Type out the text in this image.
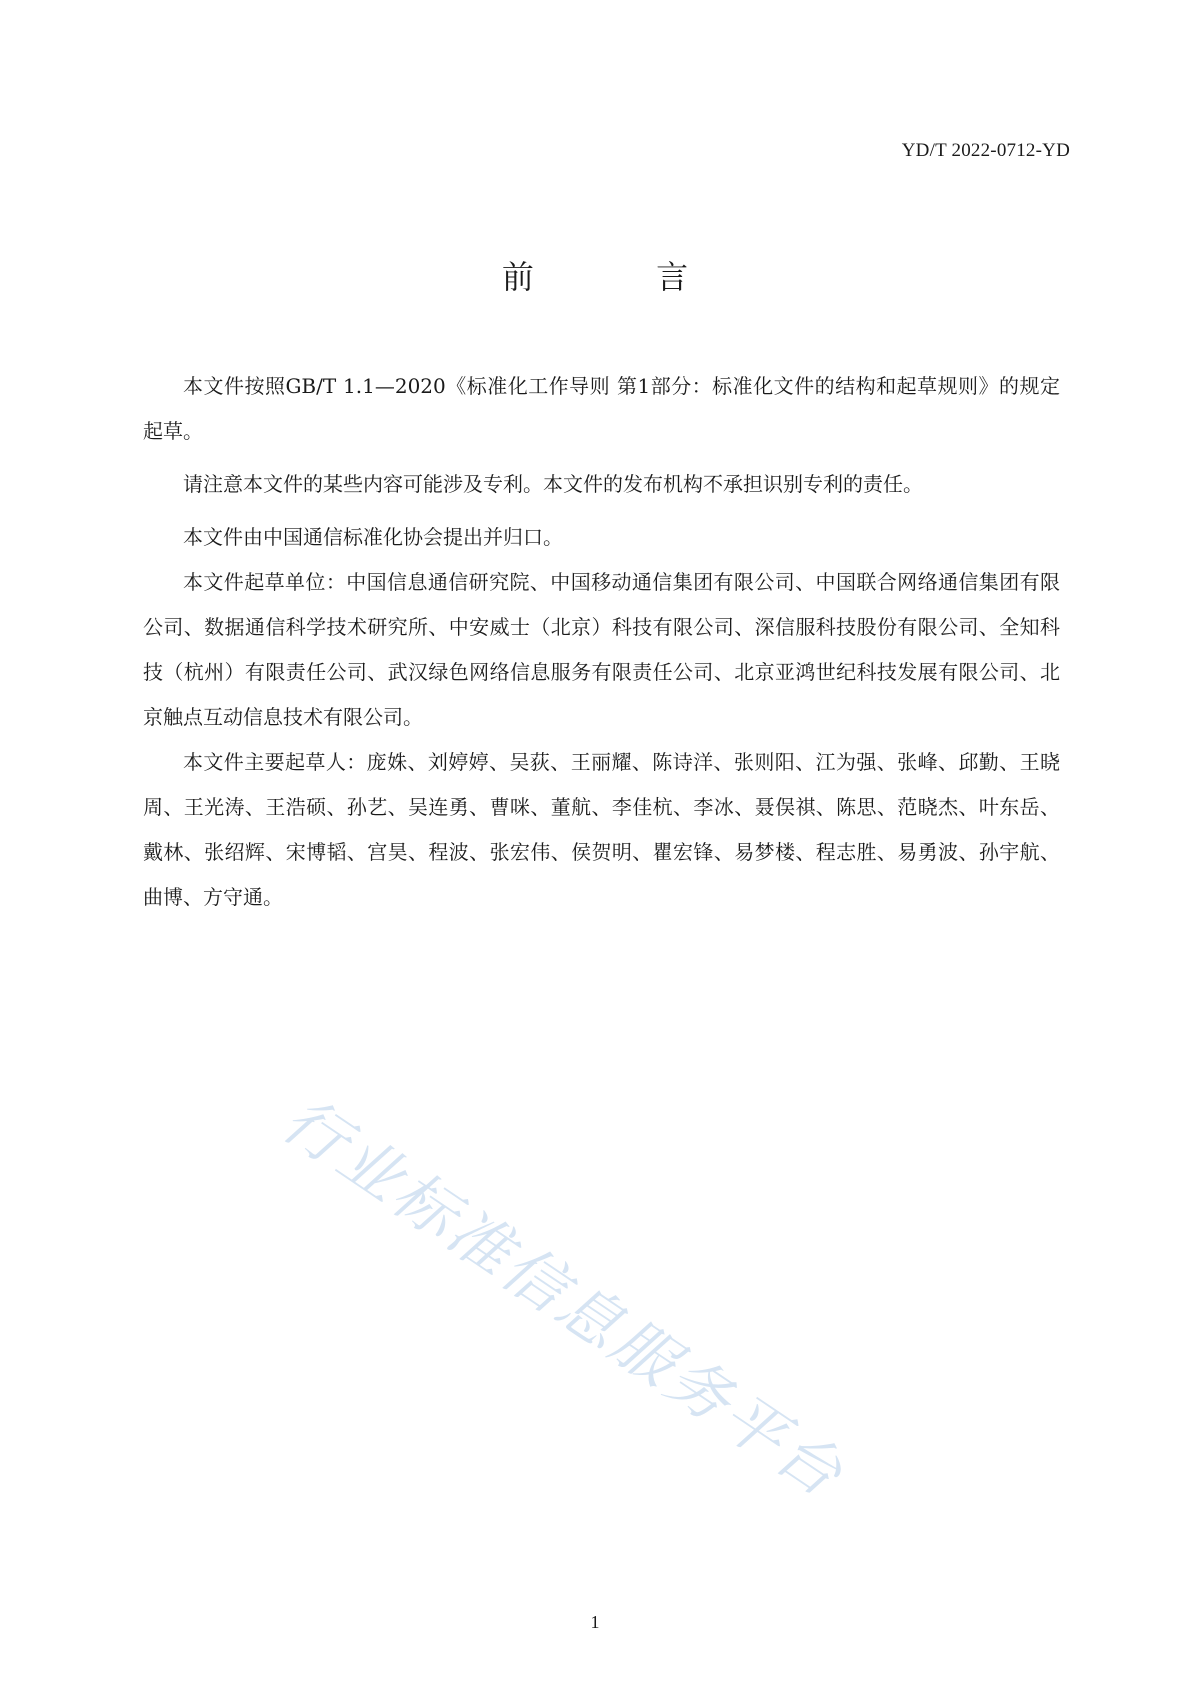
YD/T 2022-0712-YD
前 言

本文件按照GB/T 1.1—2020《标准化工作导则 第1部分：标准化文件的结构和起草规则》的规定起草。

请注意本文件的某些内容可能涉及专利。本文件的发布机构不承担识别专利的责任。

本文件由中国通信标准化协会提出并归口。

本文件起草单位：中国信息通信研究院、中国移动通信集团有限公司、中国联合网络通信集团有限公司、数据通信科学技术研究所、中安威士（北京）科技有限公司、深信服科技股份有限公司、全知科技（杭州）有限责任公司、武汉绿色网络信息服务有限责任公司、北京亚鸿世纪科技发展有限公司、北京触点互动信息技术有限公司。

本文件主要起草人：庞姝、刘婷婷、吴荻、王丽耀、陈诗洋、张则阳、江为强、张峰、邱勤、王晓周、王光涛、王浩硕、孙艺、吴连勇、曹咪、董航、李佳杭、李冰、聂俣祺、陈思、范晓杰、叶东岳、戴林、张绍辉、宋博韬、宫昊、程波、张宏伟、侯贺明、瞿宏锋、易梦楼、程志胜、易勇波、孙宇航、曲博、方守通。

行业标准信息服务平台
1
